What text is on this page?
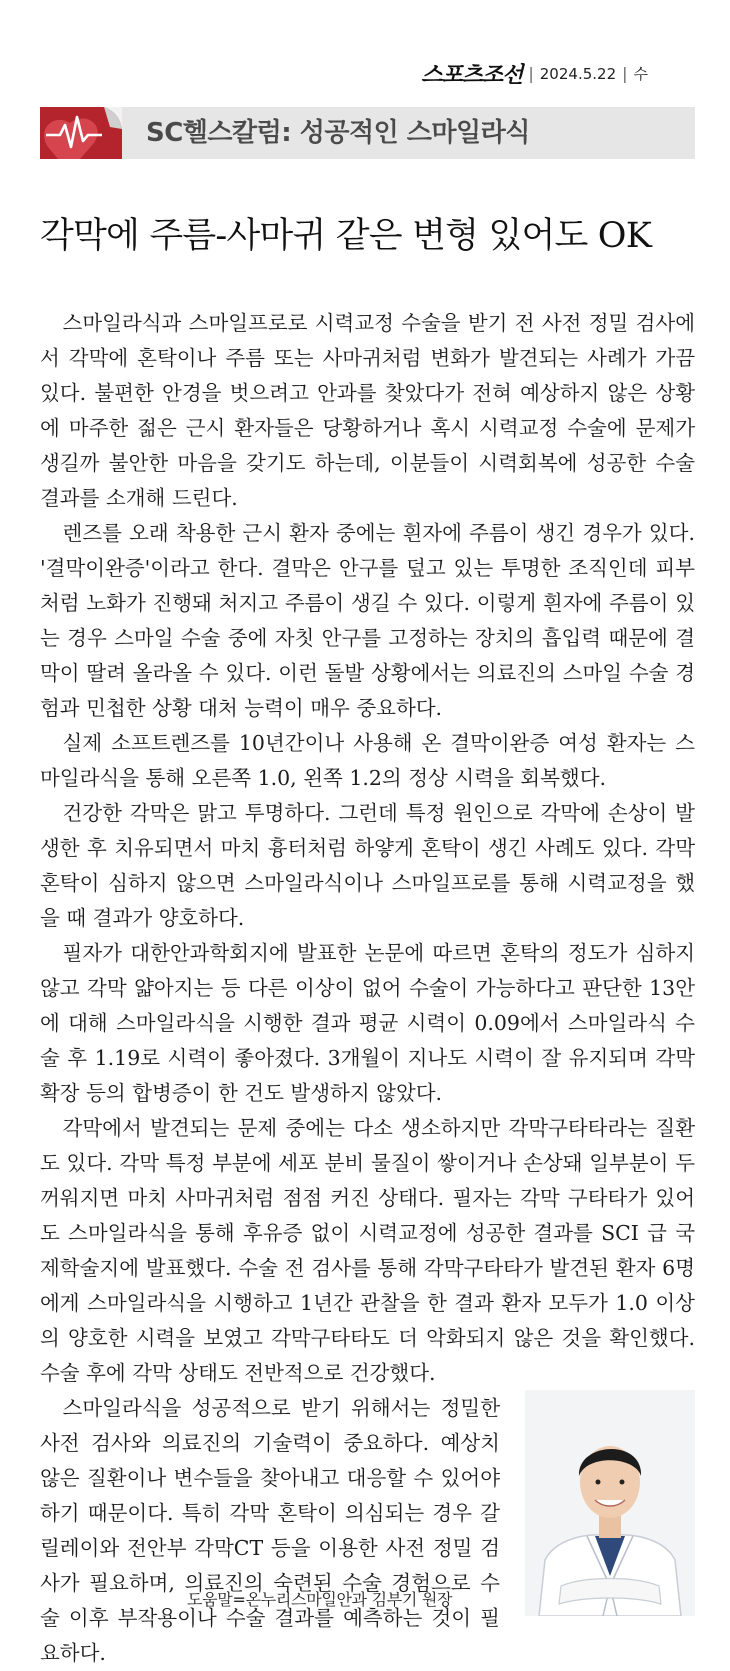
스포츠조선 | 2024.5.22 | 수
SC헬스칼럼: 성공적인 스마일라식
각막에 주름-사마귀 같은 변형 있어도 OK

스마일라식과 스마일프로로 시력교정 수술을 받기 전 사전 정밀 검사에서 각막에 혼탁이나 주름 또는 사마귀처럼 변화가 발견되는 사례가 가끔 있다. 불편한 안경을 벗으려고 안과를 찾았다가 전혀 예상하지 않은 상황에 마주한 젊은 근시 환자들은 당황하거나 혹시 시력교정 수술에 문제가 생길까 불안한 마음을 갖기도 하는데, 이분들이 시력회복에 성공한 수술 결과를 소개해 드린다.

렌즈를 오래 착용한 근시 환자 중에는 흰자에 주름이 생긴 경우가 있다. '결막이완증'이라고 한다. 결막은 안구를 덮고 있는 투명한 조직인데 피부처럼 노화가 진행돼 처지고 주름이 생길 수 있다. 이렇게 흰자에 주름이 있는 경우 스마일 수술 중에 자칫 안구를 고정하는 장치의 흡입력 때문에 결막이 딸려 올라올 수 있다. 이런 돌발 상황에서는 의료진의 스마일 수술 경험과 민첩한 상황 대처 능력이 매우 중요하다.

실제 소프트렌즈를 10년간이나 사용해 온 결막이완증 여성 환자는 스마일라식을 통해 오른쪽 1.0, 왼쪽 1.2의 정상 시력을 회복했다.

건강한 각막은 맑고 투명하다. 그런데 특정 원인으로 각막에 손상이 발생한 후 치유되면서 마치 흉터처럼 하얗게 혼탁이 생긴 사례도 있다. 각막혼탁이 심하지 않으면 스마일라식이나 스마일프로를 통해 시력교정을 했을 때 결과가 양호하다.

필자가 대한안과학회지에 발표한 논문에 따르면 혼탁의 정도가 심하지 않고 각막 얇아지는 등 다른 이상이 없어 수술이 가능하다고 판단한 13안에 대해 스마일라식을 시행한 결과 평균 시력이 0.09에서 스마일라식 수술 후 1.19로 시력이 좋아졌다. 3개월이 지나도 시력이 잘 유지되며 각막확장 등의 합병증이 한 건도 발생하지 않았다.

각막에서 발견되는 문제 중에는 다소 생소하지만 각막구타타라는 질환도 있다. 각막 특정 부분에 세포 분비 물질이 쌓이거나 손상돼 일부분이 두꺼워지면 마치 사마귀처럼 점점 커진 상태다. 필자는 각막 구타타가 있어도 스마일라식을 통해 후유증 없이 시력교정에 성공한 결과를 SCI 급 국제학술지에 발표했다. 수술 전 검사를 통해 각막구타타가 발견된 환자 6명에게 스마일라식을 시행하고 1년간 관찰을 한 결과 환자 모두가 1.0 이상의 양호한 시력을 보였고 각막구타타도 더 악화되지 않은 것을 확인했다. 수술 후에 각막 상태도 전반적으로 건강했다.

스마일라식을 성공적으로 받기 위해서는 정밀한 사전 검사와 의료진의 기술력이 중요하다. 예상치 않은 질환이나 변수들을 찾아내고 대응할 수 있어야 하기 때문이다. 특히 각막 혼탁이 의심되는 경우 갈릴레이와 전안부 각막CT 등을 이용한 사전 정밀 검사가 필요하며, 의료진의 숙련된 수술 경험으로 수술 이후 부작용이나 수술 결과를 예측하는 것이 필요하다.

도움말=온누리스마일안과 김부기 원장
